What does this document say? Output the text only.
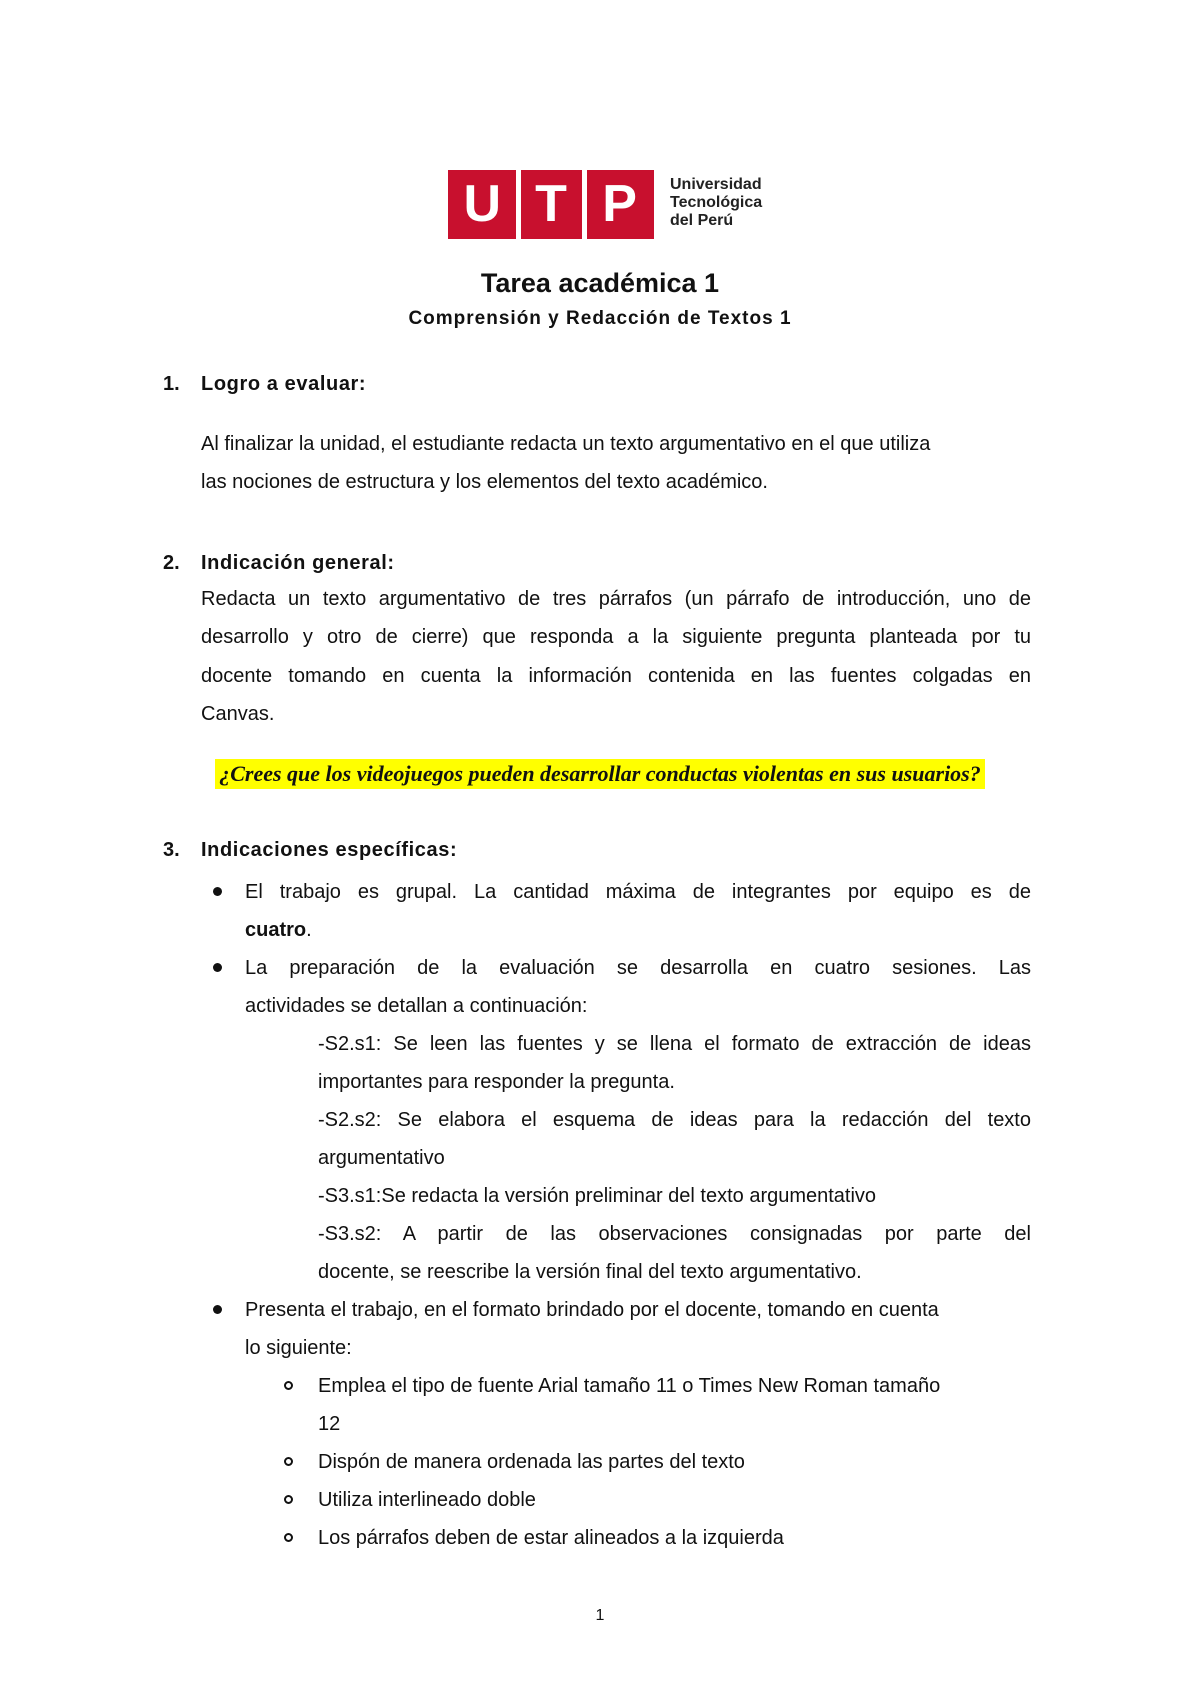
U T P	Universidad
Tecnológica
del Perú
Tarea académica 1
Comprensión y Redacción de Textos 1
1. Logro a evaluar:
Al finalizar la unidad, el estudiante redacta un texto argumentativo en el que utiliza
las nociones de estructura y los elementos del texto académico.
2. Indicación general:
Redacta un texto argumentativo de tres párrafos (un párrafo de introducción, uno de
desarrollo y otro de cierre) que responda a la siguiente pregunta planteada por tu
docente tomando en cuenta la información contenida en las fuentes colgadas en
Canvas.
¿Crees que los videojuegos pueden desarrollar conductas violentas en sus usuarios?
3. Indicaciones específicas:
El trabajo es grupal. La cantidad máxima de integrantes por equipo es de
cuatro.
La preparación de la evaluación se desarrolla en cuatro sesiones. Las
actividades se detallan a continuación:
-S2.s1: Se leen las fuentes y se llena el formato de extracción de ideas
importantes para responder la pregunta.
-S2.s2: Se elabora el esquema de ideas para la redacción del texto
argumentativo
-S3.s1:Se redacta la versión preliminar del texto argumentativo
-S3.s2: A partir de las observaciones consignadas por parte del
docente, se reescribe la versión final del texto argumentativo.
Presenta el trabajo, en el formato brindado por el docente, tomando en cuenta
lo siguiente:
Emplea el tipo de fuente Arial tamaño 11 o Times New Roman tamaño
12
Dispón de manera ordenada las partes del texto
Utiliza interlineado doble
Los párrafos deben de estar alineados a la izquierda
1
